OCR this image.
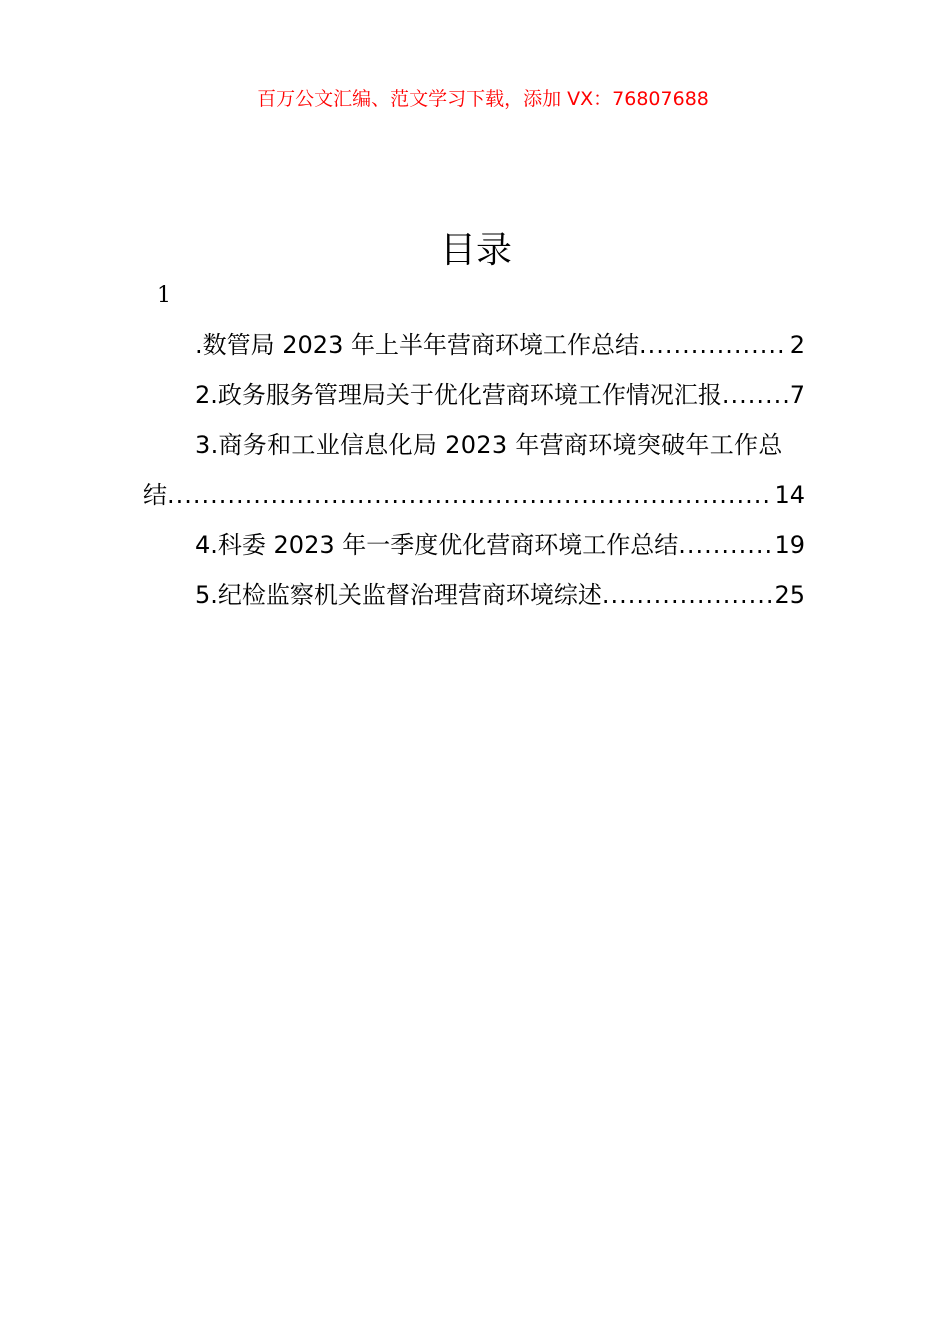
百万公文汇编、范文学习下载，添加 VX：76807688
目录
1
.数管局 2023 年上半年营商环境工作总结 .....	2
2.政务服务管理局关于优化营商环境工作情况汇报 .....	7
3.商务和工业信息化局 2023 年营商环境突破年工作总
结 .....	14
4.科委 2023 年一季度优化营商环境工作总结 .....	19
5.纪检监察机关监督治理营商环境综述 .....	25
